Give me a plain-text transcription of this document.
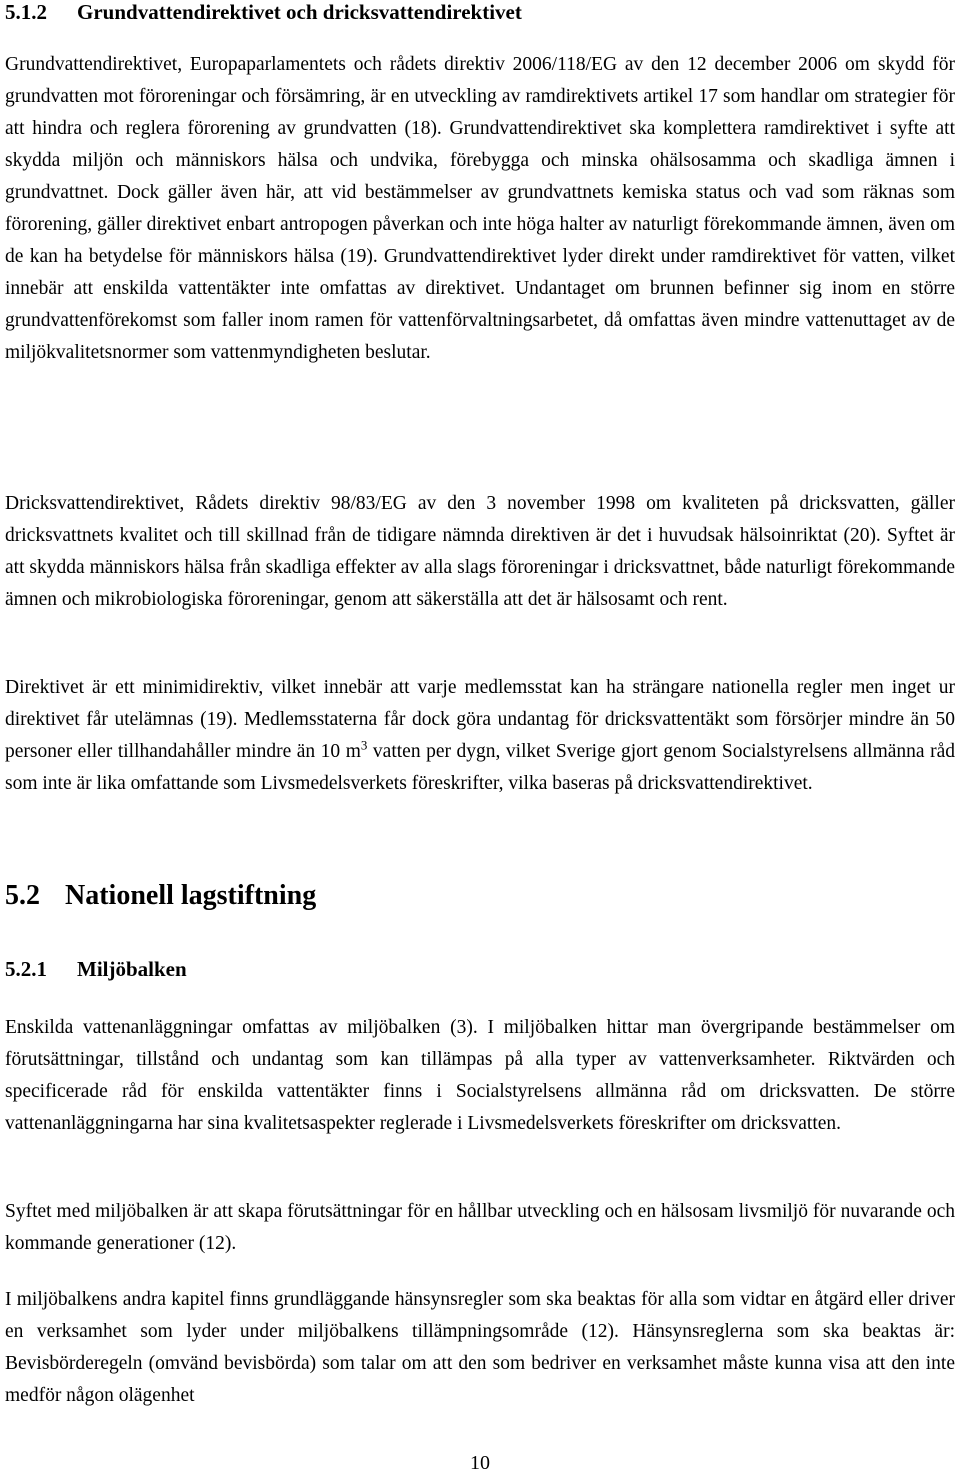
5.1.2 Grundvattendirektivet och dricksvattendirektivet
Grundvattendirektivet, Europaparlamentets och rådets direktiv 2006/118/EG av den 12 december 2006 om skydd för grundvatten mot föroreningar och försämring, är en utveckling av ramdirektivets artikel 17 som handlar om strategier för att hindra och reglera förorening av grundvatten (18). Grundvattendirektivet ska komplettera ramdirektivet i syfte att skydda miljön och människors hälsa och undvika, förebygga och minska ohälsosamma och skadliga ämnen i grundvattnet. Dock gäller även här, att vid bestämmelser av grundvattnets kemiska status och vad som räknas som förorening, gäller direktivet enbart antropogen påverkan och inte höga halter av naturligt förekommande ämnen, även om de kan ha betydelse för människors hälsa (19). Grundvattendirektivet lyder direkt under ramdirektivet för vatten, vilket innebär att enskilda vattentäkter inte omfattas av direktivet. Undantaget om brunnen befinner sig inom en större grundvattenförekomst som faller inom ramen för vattenförvaltningsarbetet, då omfattas även mindre vattenuttaget av de miljökvalitetsnormer som vattenmyndigheten beslutar.
Dricksvattendirektivet, Rådets direktiv 98/83/EG av den 3 november 1998 om kvaliteten på dricksvatten, gäller dricksvattnets kvalitet och till skillnad från de tidigare nämnda direktiven är det i huvudsak hälsoinriktat (20). Syftet är att skydda människors hälsa från skadliga effekter av alla slags föroreningar i dricksvattnet, både naturligt förekommande ämnen och mikrobiologiska föroreningar, genom att säkerställa att det är hälsosamt och rent.
Direktivet är ett minimidirektiv, vilket innebär att varje medlemsstat kan ha strängare nationella regler men inget ur direktivet får utelämnas (19). Medlemsstaterna får dock göra undantag för dricksvattentäkt som försörjer mindre än 50 personer eller tillhandahåller mindre än 10 $m^3$ vatten per dygn, vilket Sverige gjort genom Socialstyrelsens allmänna råd som inte är lika omfattande som Livsmedelsverkets föreskrifter, vilka baseras på dricksvattendirektivet.
5.2 Nationell lagstiftning
5.2.1 Miljöbalken
Enskilda vattenanläggningar omfattas av miljöbalken (3). I miljöbalken hittar man övergripande bestämmelser om förutsättningar, tillstånd och undantag som kan tillämpas på alla typer av vattenverksamheter. Riktvärden och specificerade råd för enskilda vattentäkter finns i Socialstyrelsens allmänna råd om dricksvatten. De större vattenanläggningarna har sina kvalitetsaspekter reglerade i Livsmedelsverkets föreskrifter om dricksvatten.
Syftet med miljöbalken är att skapa förutsättningar för en hållbar utveckling och en hälsosam livsmiljö för nuvarande och kommande generationer (12).
I miljöbalkens andra kapitel finns grundläggande hänsynsregler som ska beaktas för alla som vidtar en åtgärd eller driver en verksamhet som lyder under miljöbalkens tillämpningsområde (12). Hänsynsreglerna som ska beaktas är: Bevisbörderegeln (omvänd bevisbörda) som talar om att den som bedriver en verksamhet måste kunna visa att den inte medför någon olägenhet
10
